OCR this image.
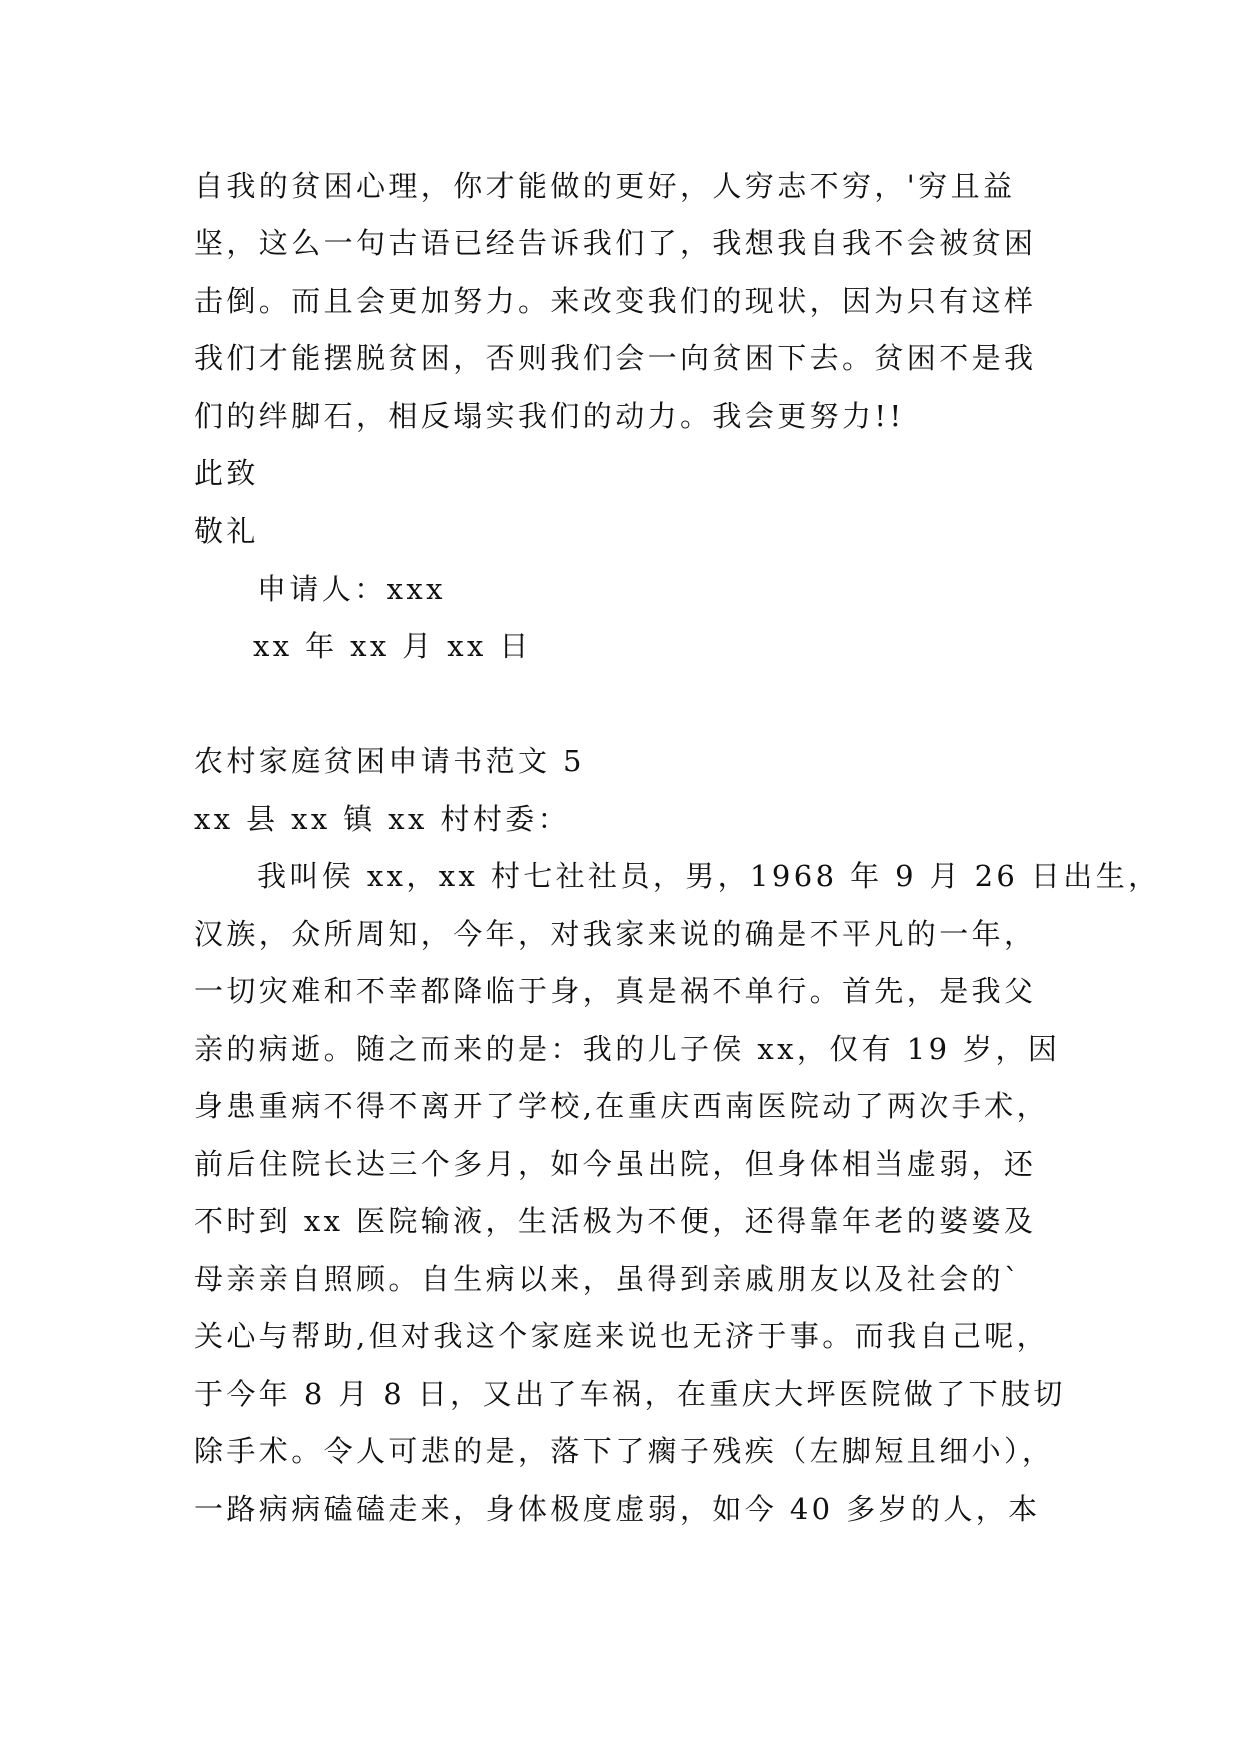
自我的贫困心理，你才能做的更好，人穷志不穷，'穷且益
坚，这么一句古语已经告诉我们了，我想我自我不会被贫困
击倒。而且会更加努力。来改变我们的现状，因为只有这样
我们才能摆脱贫困，否则我们会一向贫困下去。贫困不是我
们的绊脚石，相反塌实我们的动力。我会更努力!!
此致
敬礼
申请人：xxx
xx 年 xx 月 xx 日
农村家庭贫困申请书范文 5
xx 县 xx 镇 xx 村村委：
我叫侯 xx，xx 村七社社员，男，1968 年 9 月 26 日出生，
汉族，众所周知，今年，对我家来说的确是不平凡的一年，
一切灾难和不幸都降临于身，真是祸不单行。首先，是我父
亲的病逝。随之而来的是：我的儿子侯 xx，仅有 19 岁，因
身患重病不得不离开了学校,在重庆西南医院动了两次手术，
前后住院长达三个多月，如今虽出院，但身体相当虚弱，还
不时到 xx 医院输液，生活极为不便，还得靠年老的婆婆及
母亲亲自照顾。自生病以来，虽得到亲戚朋友以及社会的`
关心与帮助,但对我这个家庭来说也无济于事。而我自己呢，
于今年 8 月 8 日，又出了车祸，在重庆大坪医院做了下肢切
除手术。令人可悲的是，落下了瘸子残疾（左脚短且细小），
一路病病磕磕走来，身体极度虚弱，如今 40 多岁的人，本
